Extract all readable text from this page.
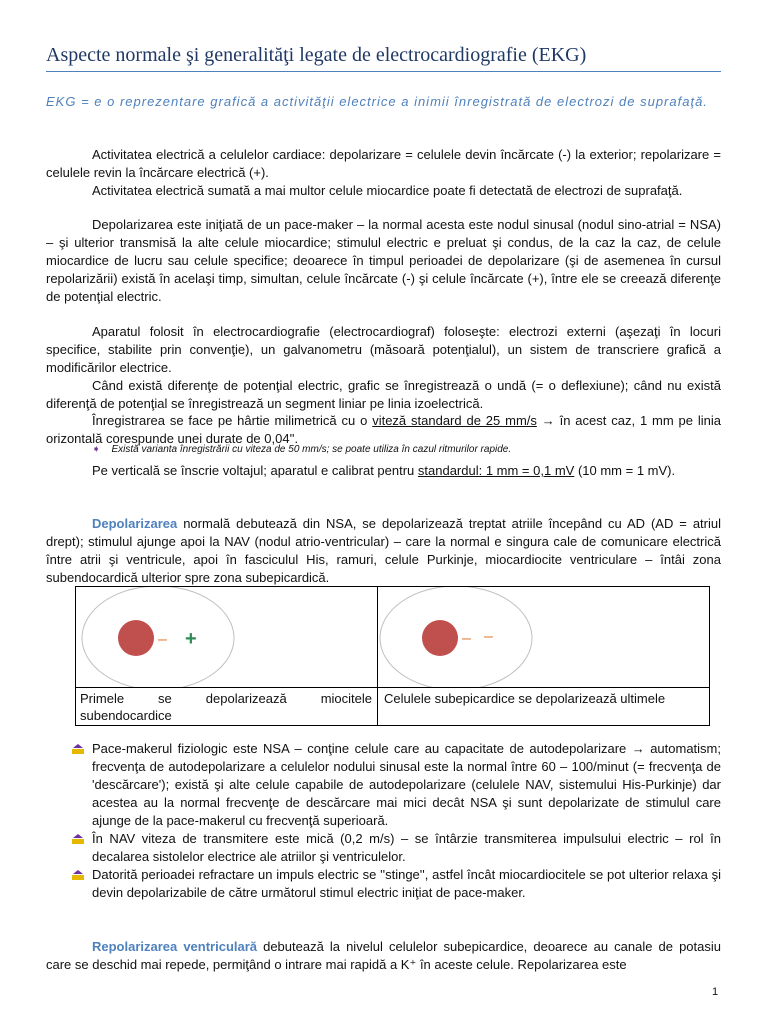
Aspecte normale şi generalităţi legate de electrocardiografie (EKG)
EKG = e o reprezentare grafică a activităţii electrice a inimii înregistrată de electrozi de suprafaţă.
Activitatea electrică a celulelor cardiace: depolarizare = celulele devin încărcate (-) la exterior; repolarizare = celulele revin la încărcare electrică (+).
Activitatea electrică sumată a mai multor celule miocardice poate fi detectată de electrozi de suprafaţă.
Depolarizarea este iniţiată de un pace-maker – la normal acesta este nodul sinusal (nodul sino-atrial = NSA) – şi ulterior transmisă la alte celule miocardice; stimulul electric e preluat şi condus, de la caz la caz, de celule miocardice de lucru sau celule specifice; deoarece în timpul perioadei de depolarizare (şi de asemenea în cursul repolarizării) există în acelaşi timp, simultan, celule încărcate (-) şi celule încărcate (+), între ele se creează diferenţe de potenţial electric.
Aparatul folosit în electrocardiografie (electrocardiograf) foloseşte: electrozi externi (aşezaţi în locuri specifice, stabilite prin convenţie), un galvanometru (măsoară potenţialul), un sistem de transcriere grafică a modificărilor electrice.
Când există diferenţe de potenţial electric, grafic se înregistrează o undă (= o deflexiune); când nu există diferenţă de potenţial se înregistrează un segment liniar pe linia izoelectrică.
Înregistrarea se face pe hârtie milimetrică cu o viteză standard de 25 mm/s → în acest caz, 1 mm pe linia orizontală corespunde unei durate de 0,04''.
➧ Există varianta înregistrării cu viteza de 50 mm/s; se poate utiliza în cazul ritmurilor rapide.
Pe verticală se înscrie voltajul; aparatul e calibrat pentru standardul: 1 mm = 0,1 mV (10 mm = 1 mV).
Depolarizarea normală debutează din NSA, se depolarizează treptat atriile începând cu AD (AD = atriul drept); stimulul ajunge apoi la NAV (nodul atrio-ventricular) – care la normal e singura cale de comunicare electrică între atrii şi ventricule, apoi în fasciculul His, ramuri, celule Purkinje, miocardiocite ventriculare – întâi zona subendocardică ulterior spre zona subepicardică.
– +	– –
Primele se depolarizează miocitele subendocardice
Celulele subepicardice se depolarizează ultimele
Pace-makerul fiziologic este NSA – conţine celule care au capacitate de autodepolarizare → automatism; frecvenţa de autodepolarizare a celulelor nodului sinusal este la normal între 60 – 100/minut (= frecvenţa de 'descărcare'); există şi alte celule capabile de autodepolarizare (celulele NAV, sistemului His-Purkinje) dar acestea au la normal frecvenţe de descărcare mai mici decât NSA şi sunt depolarizate de stimulul care ajunge de la pace-makerul cu frecvenţă superioară.
În NAV viteza de transmitere este mică (0,2 m/s) – se întârzie transmiterea impulsului electric – rol în decalarea sistolelor electrice ale atriilor şi ventriculelor.
Datorită perioadei refractare un impuls electric se ''stinge'', astfel încât miocardiocitele se pot ulterior relaxa şi devin depolarizabile de către următorul stimul electric iniţiat de pace-maker.
Repolarizarea ventriculară debutează la nivelul celulelor subepicardice, deoarece au canale de potasiu care se deschid mai repede, permiţând o intrare mai rapidă a K⁺ în aceste celule. Repolarizarea este
1
